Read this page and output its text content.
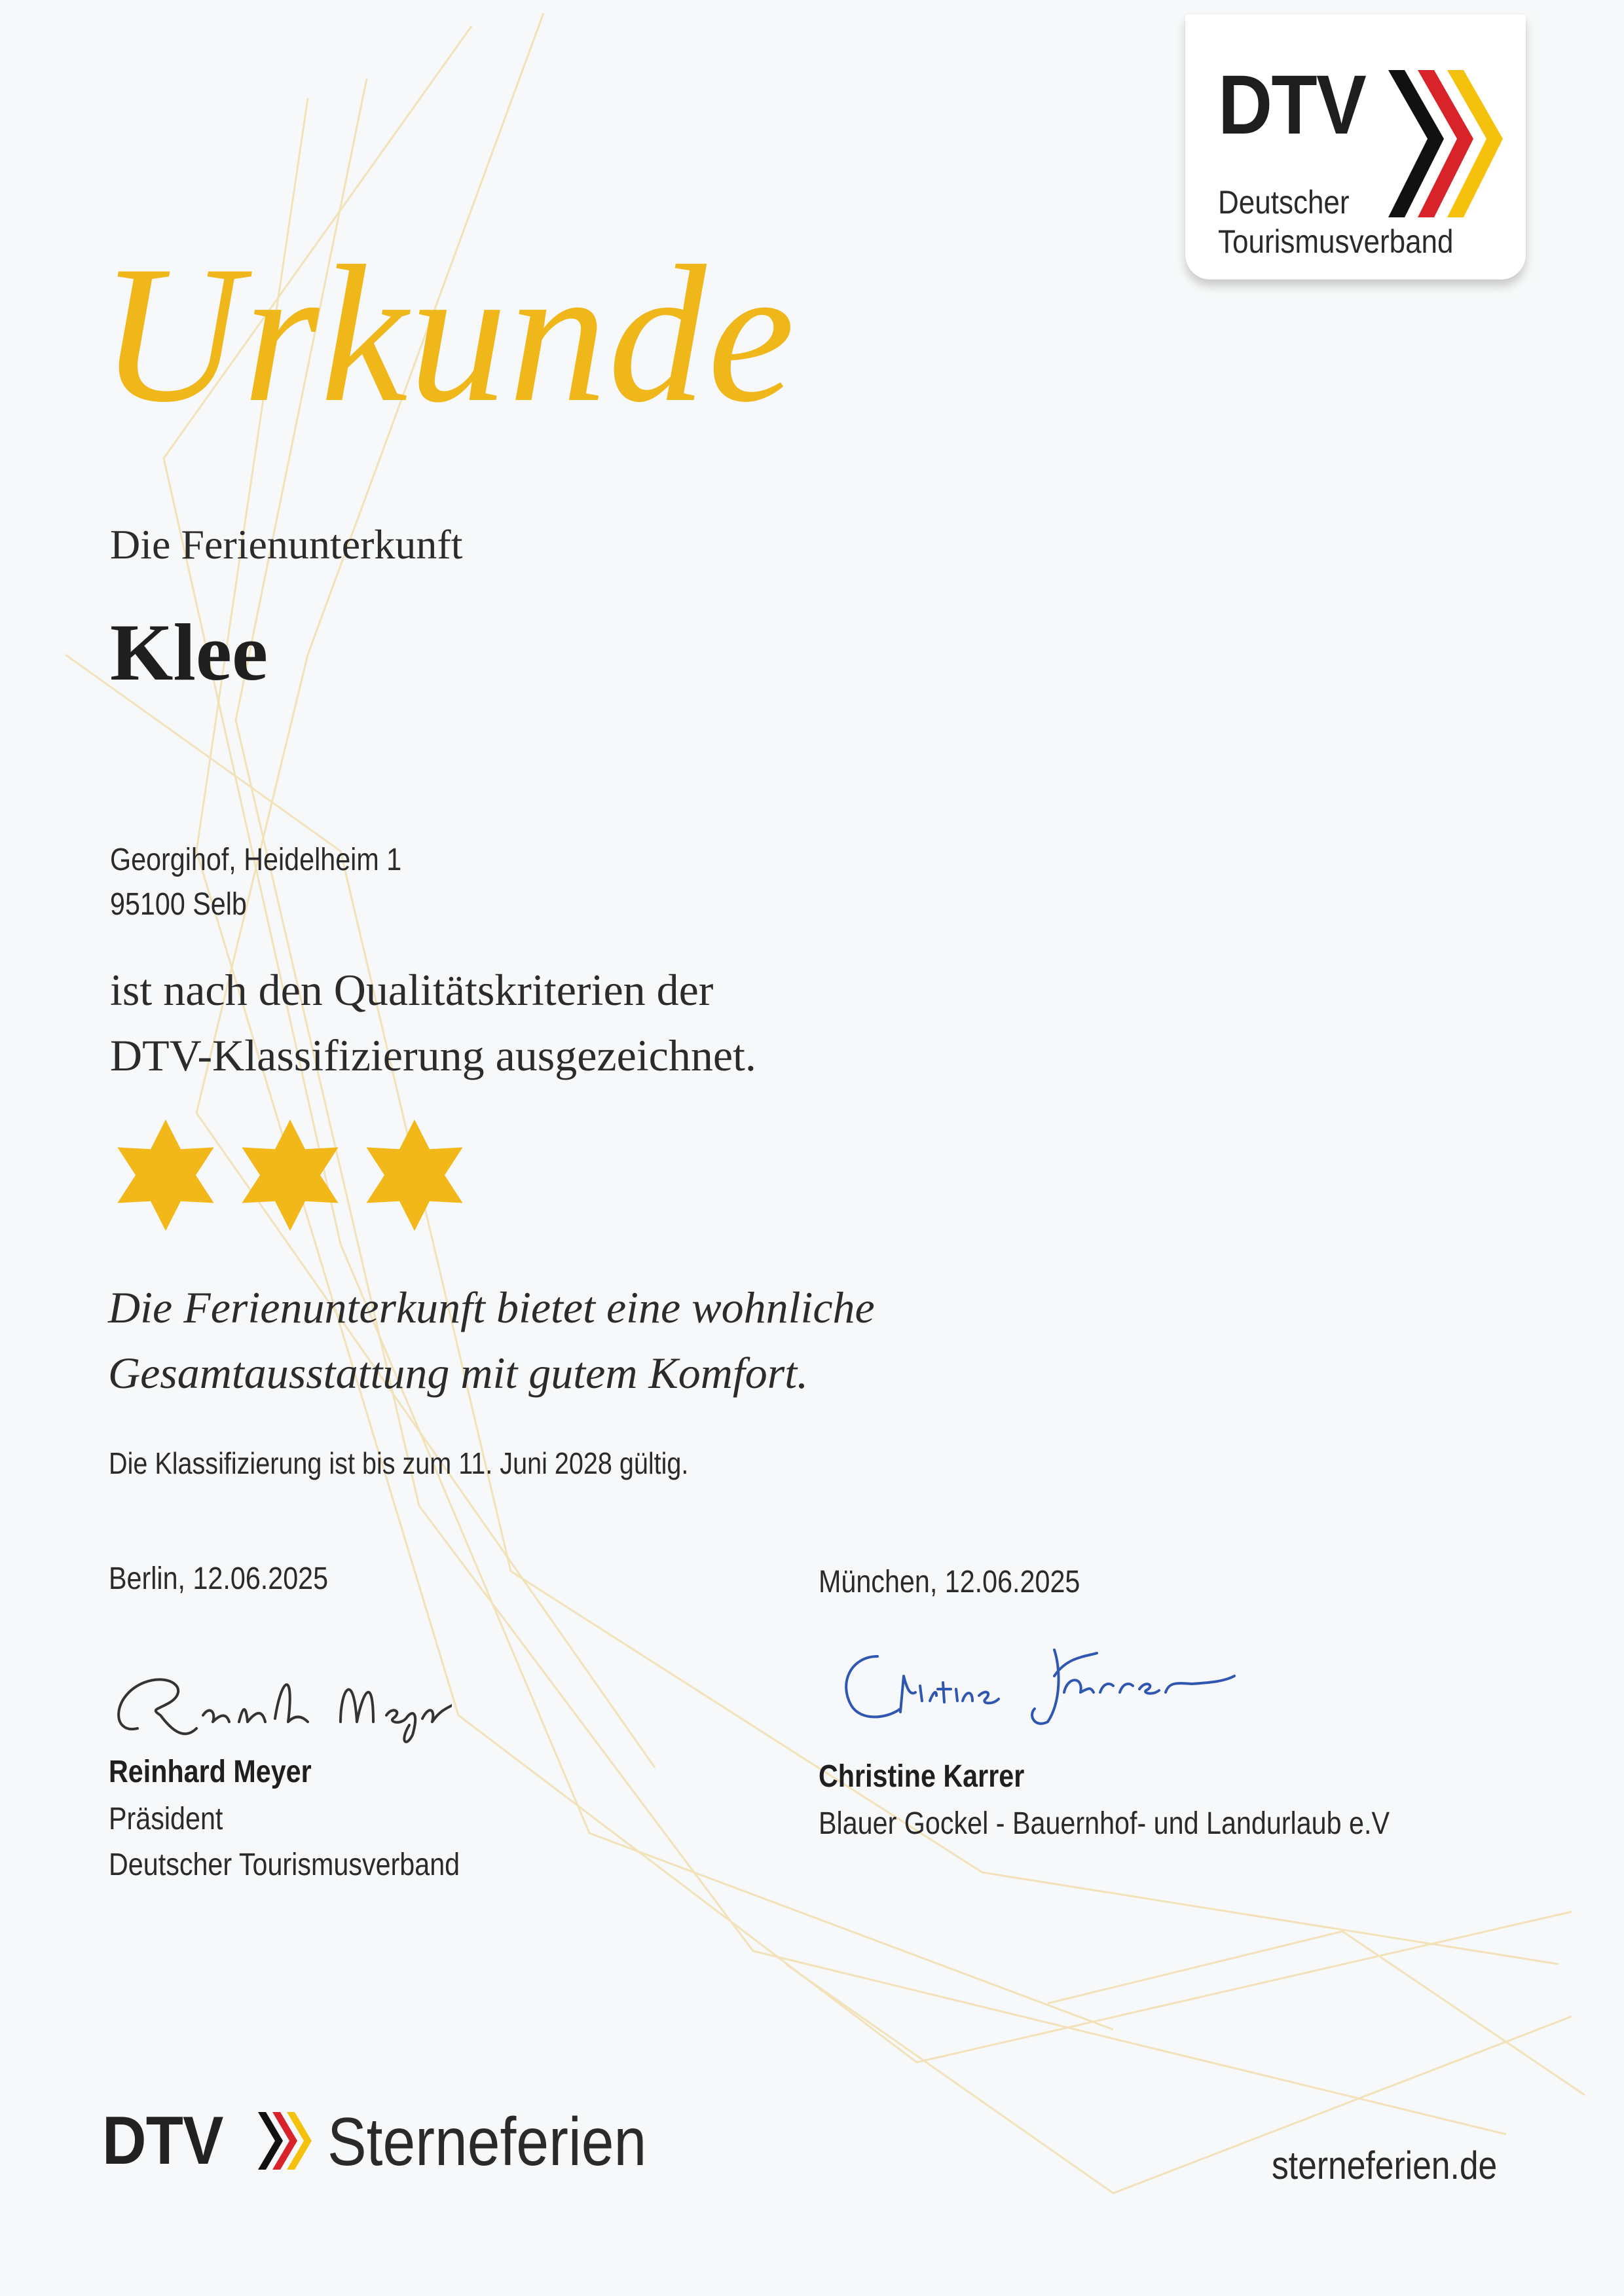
DTV
Deutscher
Tourismusverband
Urkunde
Die Ferienunterkunft
Klee
Georgihof, Heidelheim 1
95100 Selb
ist nach den Qualitätskriterien der
DTV-Klassifizierung ausgezeichnet.
Die Ferienunterkunft bietet eine wohnliche
Gesamtausstattung mit gutem Komfort.
Die Klassifizierung ist bis zum 11. Juni 2028 gültig.
Berlin, 12.06.2025	München, 12.06.2025
Reinhard Meyer
Präsident
Deutscher Tourismusverband
Christine Karrer
Blauer Gockel - Bauernhof- und Landurlaub e.V
DTV Sterneferien	sterneferien.de
